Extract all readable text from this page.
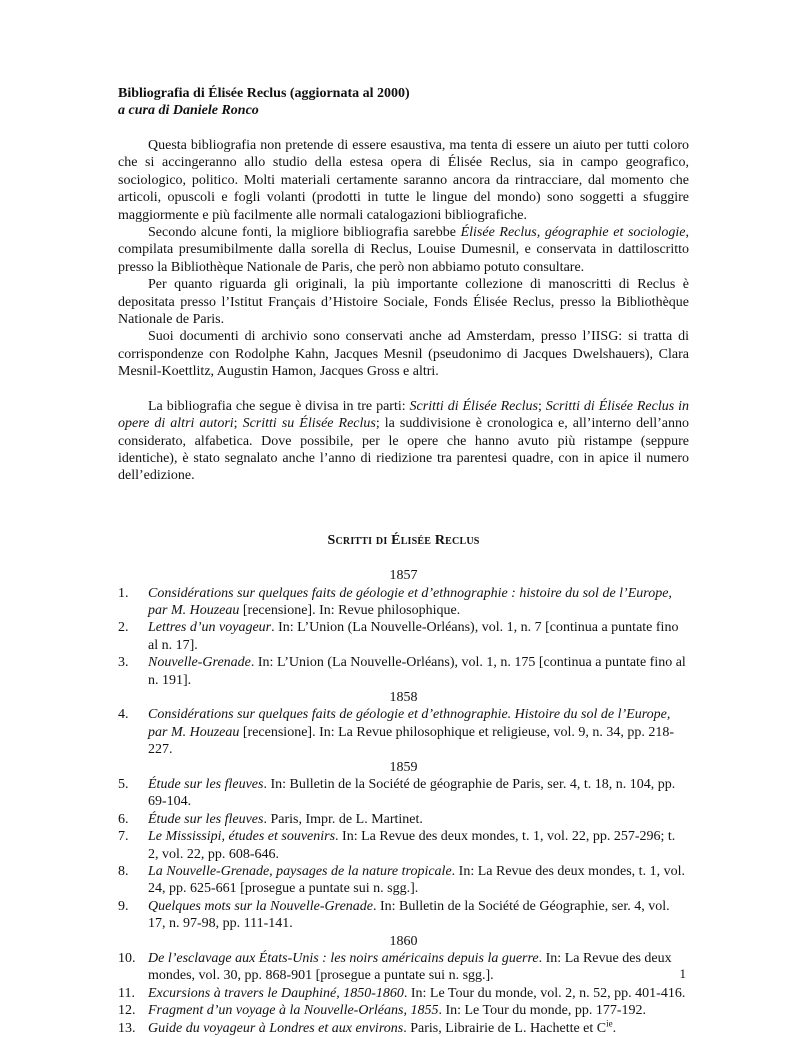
Bibliografia di Élisée Reclus (aggiornata al 2000)

a cura di Daniele Ronco

Questa bibliografia non pretende di essere esaustiva, ma tenta di essere un aiuto per tutti coloro che si accingeranno allo studio della estesa opera di Élisée Reclus, sia in campo geografico, sociologico, politico. Molti materiali certamente saranno ancora da rintracciare, dal momento che articoli, opuscoli e fogli volanti (prodotti in tutte le lingue del mondo) sono soggetti a sfuggire maggiormente e più facilmente alle normali catalogazioni bibliografiche.

Secondo alcune fonti, la migliore bibliografia sarebbe Élisée Reclus, géographie et sociologie, compilata presumibilmente dalla sorella di Reclus, Louise Dumesnil, e conservata in dattiloscritto presso la Bibliothèque Nationale de Paris, che però non abbiamo potuto consultare.

Per quanto riguarda gli originali, la più importante collezione di manoscritti di Reclus è depositata presso l’Istitut Français d’Histoire Sociale, Fonds Élisée Reclus, presso la Bibliothèque Nationale de Paris.

Suoi documenti di archivio sono conservati anche ad Amsterdam, presso l’IISG: si tratta di corrispondenze con Rodolphe Kahn, Jacques Mesnil (pseudonimo di Jacques Dwelshauers), Clara Mesnil-Koettlitz, Augustin Hamon, Jacques Gross e altri.

La bibliografia che segue è divisa in tre parti: Scritti di Élisée Reclus; Scritti di Élisée Reclus in opere di altri autori; Scritti su Élisée Reclus; la suddivisione è cronologica e, all’interno dell’anno considerato, alfabetica. Dove possibile, per le opere che hanno avuto più ristampe (seppure identiche), è stato segnalato anche l’anno di riedizione tra parentesi quadre, con in apice il numero dell’edizione.

Scritti di Élisée Reclus

1857

1.	Considérations sur quelques faits de géologie et d’ethnographie : histoire du sol de l’Europe, par M. Houzeau [recensione]. In: Revue philosophique.
2.	Lettres d’un voyageur. In: L’Union (La Nouvelle-Orléans), vol. 1, n. 7 [continua a puntate fino al n. 17].
3.	Nouvelle-Grenade. In: L’Union (La Nouvelle-Orléans), vol. 1, n. 175 [continua a puntate fino al n. 191].

1858

4.	Considérations sur quelques faits de géologie et d’ethnographie. Histoire du sol de l’Europe, par M. Houzeau [recensione]. In: La Revue philosophique et religieuse, vol. 9, n. 34, pp. 218-227.

1859

5.	Étude sur les fleuves. In: Bulletin de la Société de géographie de Paris, ser. 4, t. 18, n. 104, pp. 69-104.
6.	Étude sur les fleuves. Paris, Impr. de L. Martinet.
7.	Le Mississipi, études et souvenirs. In: La Revue des deux mondes, t. 1, vol. 22, pp. 257-296; t. 2, vol. 22, pp. 608-646.
8.	La Nouvelle-Grenade, paysages de la nature tropicale. In: La Revue des deux mondes, t. 1, vol. 24, pp. 625-661 [prosegue a puntate sui n. sgg.].
9.	Quelques mots sur la Nouvelle-Grenade. In: Bulletin de la Société de Géographie, ser. 4, vol. 17, n. 97-98, pp. 111-141.

1860

10. De l’esclavage aux États-Unis : les noirs américains depuis la guerre. In: La Revue des deux mondes, vol. 30, pp. 868-901 [prosegue a puntate sui n. sgg.].
11. Excursions à travers le Dauphiné, 1850-1860. In: Le Tour du monde, vol. 2, n. 52, pp. 401-416.
12. Fragment d’un voyage à la Nouvelle-Orléans, 1855. In: Le Tour du monde, pp. 177-192.
13. Guide du voyageur à Londres et aux environs. Paris, Librairie de L. Hachette et $C^{ie}$.
1
